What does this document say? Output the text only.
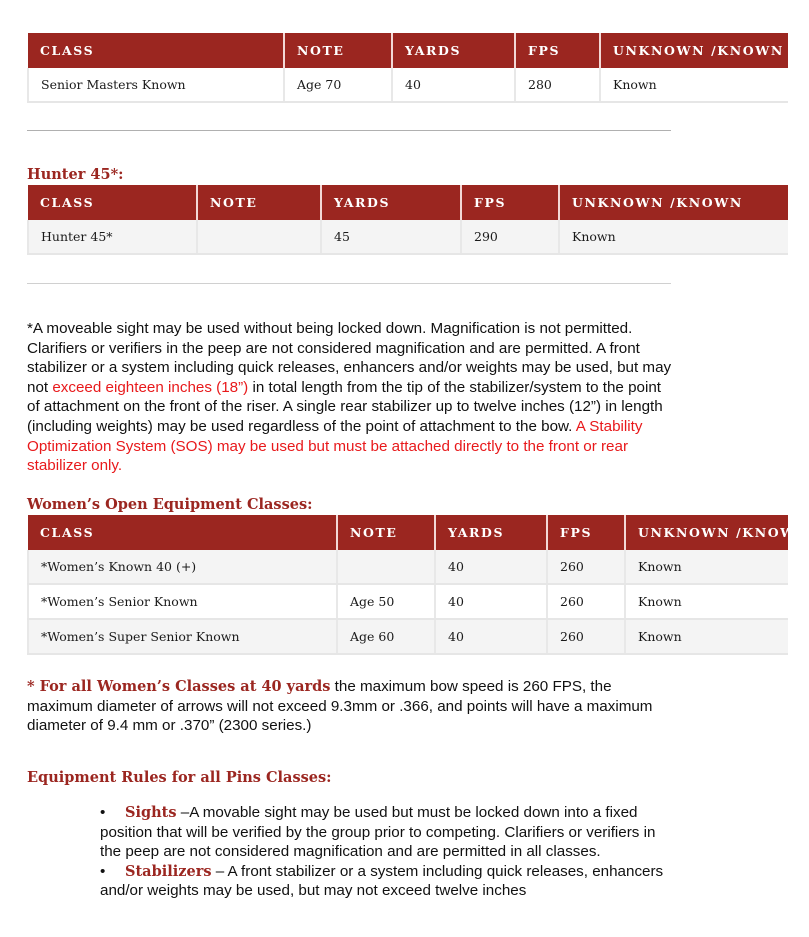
CLASS	NOTE	YARDS	FPS	UNKNOWN /KNOWN
Senior Masters Known	Age 70	40	280	Known
Hunter 45*:
CLASS	NOTE	YARDS	FPS	UNKNOWN /KNOWN
Hunter 45*		45	290	Known

*A moveable sight may be used without being locked down. Magnification is not permitted. Clarifiers or verifiers in the peep are not considered magnification and are permitted. A front stabilizer or a system including quick releases, enhancers and/or weights may be used, but may not exceed eighteen inches (18”) in total length from the tip of the stabilizer/system to the point of attachment on the front of the riser. A single rear stabilizer up to twelve inches (12”) in length (including weights) may be used regardless of the point of attachment to the bow. A Stability Optimization System (SOS) may be used but must be attached directly to the front or rear stabilizer only.

Women’s Open Equipment Classes:
CLASS	NOTE	YARDS	FPS	UNKNOWN /KNOWN
*Women’s Known 40 (+)		40	260	Known
*Women’s Senior Known	Age 50	40	260	Known
*Women’s Super Senior Known	Age 60	40	260	Known

* For all Women’s Classes at 40 yards the maximum bow speed is 260 FPS, the maximum diameter of arrows will not exceed 9.3mm or .366, and points will have a maximum diameter of 9.4 mm or .370” (2300 series.)

Equipment Rules for all Pins Classes:
• Sights –A movable sight may be used but must be locked down into a fixed position that will be verified by the group prior to competing. Clarifiers or verifiers in the peep are not considered magnification and are permitted in all classes.
• Stabilizers – A front stabilizer or a system including quick releases, enhancers and/or weights may be used, but may not exceed twelve inches
